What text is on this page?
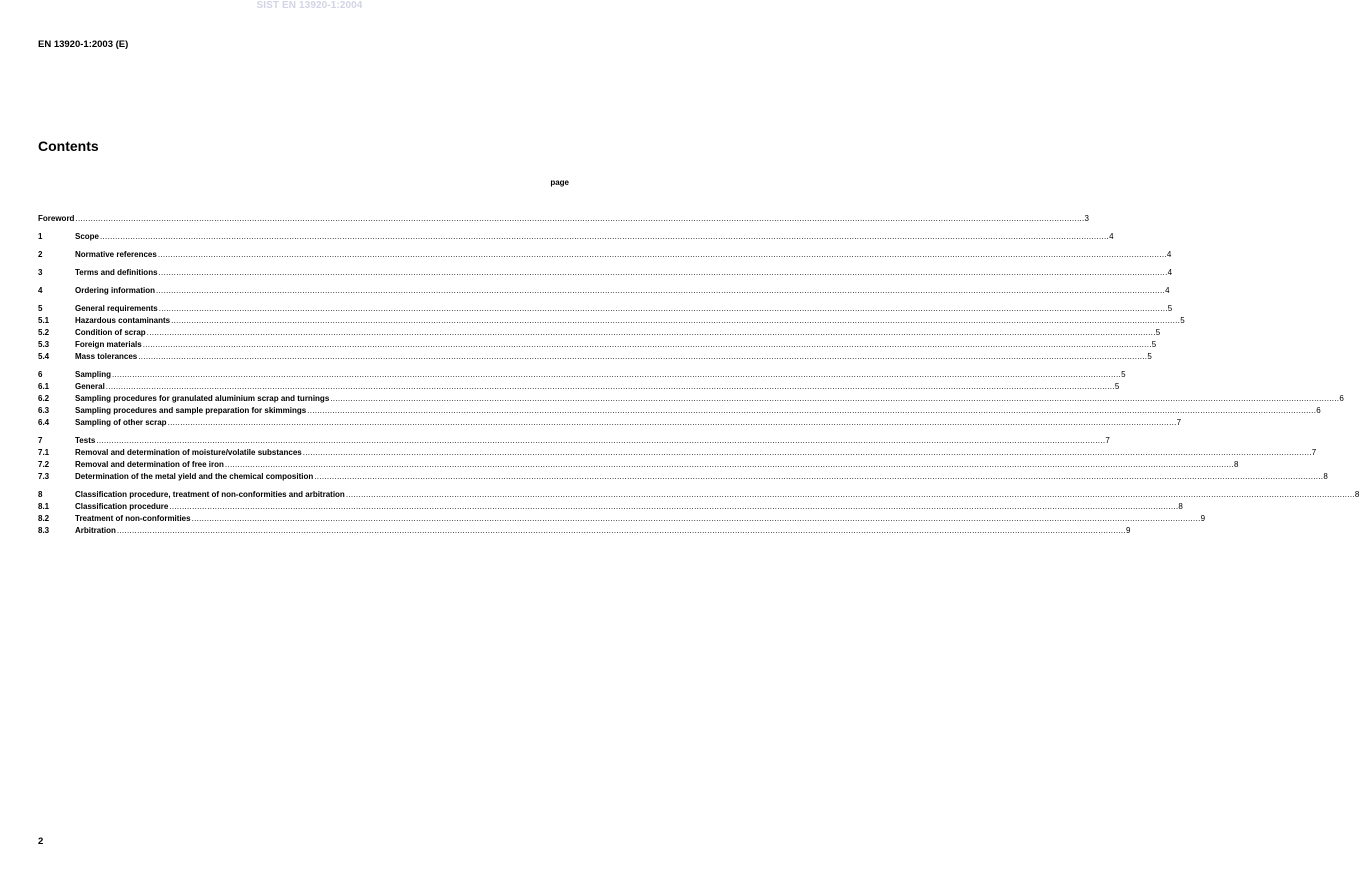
SIST EN 13920-1:2004
EN 13920-1:2003 (E)
Contents
page
Foreword ................................................................................................................................................................................................................................................................................................................................................................................................................ 3
1	Scope ................................................................................................................................................................................................................................................................................................................................................................................................................ 4
2	Normative references ................................................................................................................................................................................................................................................................................................................................................................................................................ 4
3	Terms and definitions ................................................................................................................................................................................................................................................................................................................................................................................................................ 4
4	Ordering information ................................................................................................................................................................................................................................................................................................................................................................................................................ 4
5	General requirements ................................................................................................................................................................................................................................................................................................................................................................................................................ 5
5.1	Hazardous contaminants ................................................................................................................................................................................................................................................................................................................................................................................................................ 5
5.2	Condition of scrap ................................................................................................................................................................................................................................................................................................................................................................................................................ 5
5.3	Foreign materials ................................................................................................................................................................................................................................................................................................................................................................................................................ 5
5.4	Mass tolerances ................................................................................................................................................................................................................................................................................................................................................................................................................ 5
6	Sampling ................................................................................................................................................................................................................................................................................................................................................................................................................ 5
6.1	General ................................................................................................................................................................................................................................................................................................................................................................................................................ 5
6.2	Sampling procedures for granulated aluminium scrap and turnings ................................................................................................................................................................................................................................................................................................................................................................................................................ 6
6.3	Sampling procedures and sample preparation for skimmings ................................................................................................................................................................................................................................................................................................................................................................................................................ 6
6.4	Sampling of other scrap ................................................................................................................................................................................................................................................................................................................................................................................................................ 7
7	Tests ................................................................................................................................................................................................................................................................................................................................................................................................................ 7
7.1	Removal and determination of moisture/volatile substances ................................................................................................................................................................................................................................................................................................................................................................................................................ 7
7.2	Removal and determination of free iron ................................................................................................................................................................................................................................................................................................................................................................................................................ 8
7.3	Determination of the metal yield and the chemical composition ................................................................................................................................................................................................................................................................................................................................................................................................................ 8
8	Classification procedure, treatment of non-conformities and arbitration ................................................................................................................................................................................................................................................................................................................................................................................................................ 8
8.1	Classification procedure ................................................................................................................................................................................................................................................................................................................................................................................................................ 8
8.2	Treatment of non-conformities ................................................................................................................................................................................................................................................................................................................................................................................................................ 9
8.3	Arbitration ................................................................................................................................................................................................................................................................................................................................................................................................................ 9
2
